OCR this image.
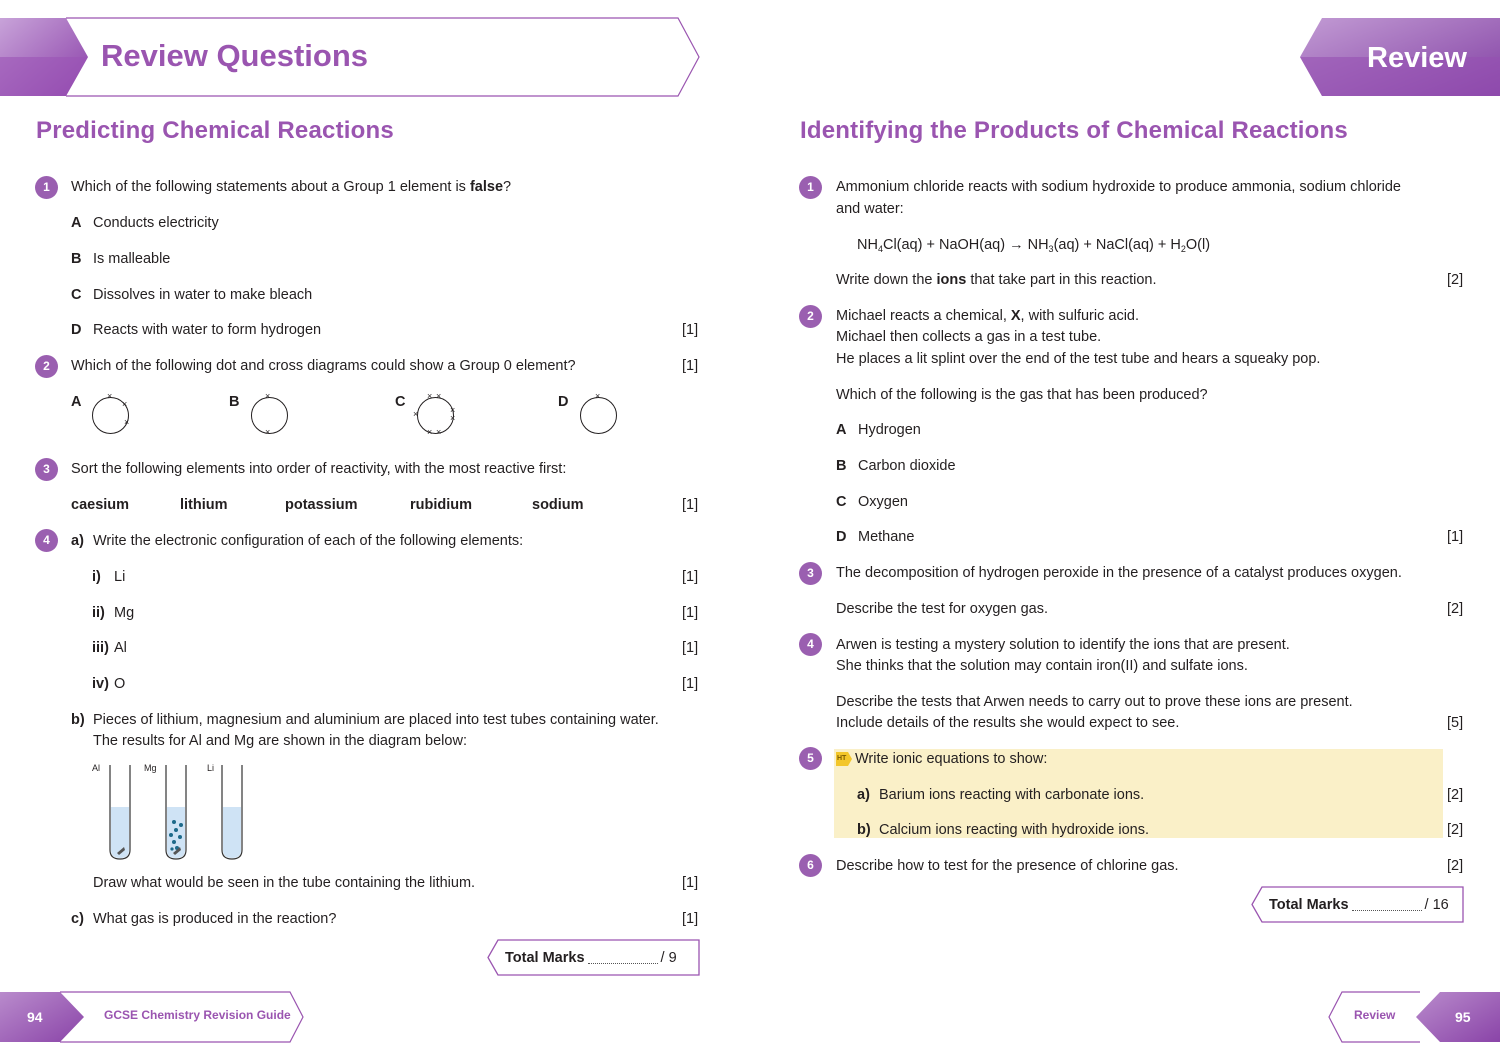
Review Questions	Review
Predicting Chemical Reactions
1	Which of the following statements about a Group 1 element is false?
A Conducts electricity
B Is malleable
C Dissolves in water to make bleach
D Reacts with water to form hydrogen	[1]
2	Which of the following dot and cross diagrams could show a Group 0 element?	[1]
A	×
×
×
B	×
×
C × ×
×	×
×
× ×
D	×
3	Sort the following elements into order of reactivity, with the most reactive first:
caesium	lithium	potassium	rubidium	sodium	[1]
4	a) Write the electronic configuration of each of the following elements:
i) Li	[1]
ii) Mg	[1]
iii) Al	[1]
iv) O	[1]
b) Pieces of lithium, magnesium and aluminium are placed into test tubes containing water.
The results for Al and Mg are shown in the diagram below:
Al	Mg	Li
Draw what would be seen in the tube containing the lithium.	[1]
c) What gas is produced in the reaction?	[1]
Total Marks	/ 9
Identifying the Products of Chemical Reactions
1	Ammonium chloride reacts with sodium hydroxide to produce ammonia, sodium chloride
and water:
$NH_4Cl(aq)$ + NaOH(aq) → $NH_3(aq)$ + NaCl(aq) + $H_2O(l)$
Write down the ions that take part in this reaction.	[2]
2	Michael reacts a chemical, X, with sulfuric acid.
Michael then collects a gas in a test tube.
He places a lit splint over the end of the test tube and hears a squeaky pop.
Which of the following is the gas that has been produced?
A Hydrogen
B Carbon dioxide
C Oxygen
D Methane	[1]
3	The decomposition of hydrogen peroxide in the presence of a catalyst produces oxygen.
Describe the test for oxygen gas.	[2]
4	Arwen is testing a mystery solution to identify the ions that are present.
She thinks that the solution may contain iron(II) and sulfate ions.
Describe the tests that Arwen needs to carry out to prove these ions are present.
Include details of the results she would expect to see.	[5]
5	HT Write ionic equations to show:
a) Barium ions reacting with carbonate ions.	[2]
b) Calcium ions reacting with hydroxide ions.	[2]
6	Describe how to test for the presence of chlorine gas.	[2]
Total Marks	/ 16
94	GCSE Chemistry Revision Guide	Review	95
